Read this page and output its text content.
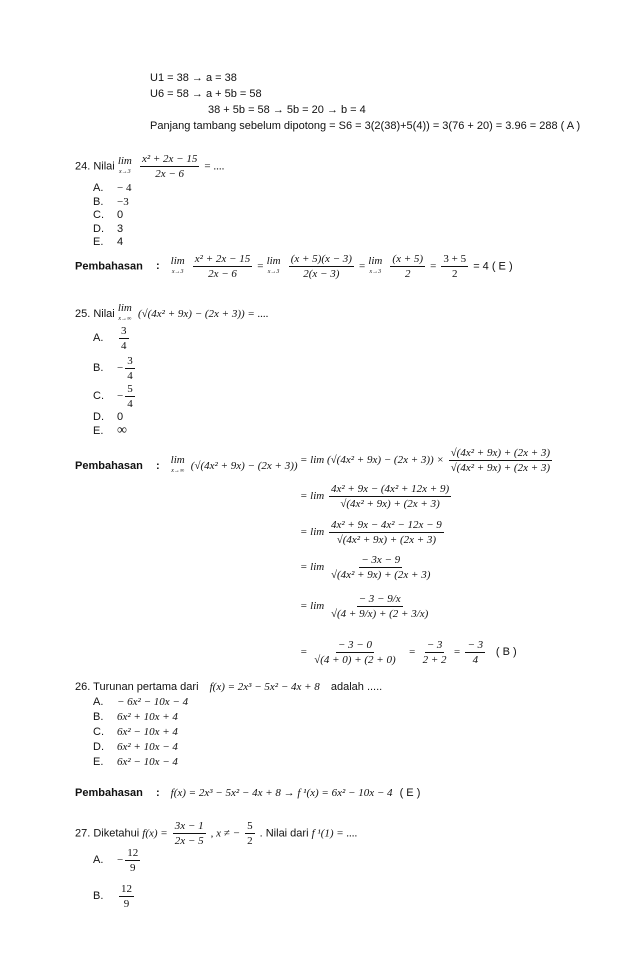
U1 = 38 → a = 38
U6 = 58 → a + 5b = 58
38 + 5b = 58 → 5b = 20 → b = 4
Panjang tambang sebelum dipotong = S6 = 3(2(38)+5(4)) = 3(76 + 20) = 3.96 = 288 ( A )
24. Nilai lim
x→3
$\frac{\text{x² + 2x − 15}}{2x - 6}$ = ....
A. − 4
B. −3
C. 0
D. 3
E. 4
Pembahasan : lim
x→3
$\frac{\text{x² + 2x − 15}}{2x - 6} = \lim$
x→3
$\frac{(x + 5)(x - 3)}{2(x - 3)} = \lim$
x→3
$\frac{(x + 5)}{2} = \frac{3 + 5}{2} = 4$ ( E )
25. Nilai lim
x→∞ (√(4x² + 9x) − (2x + 3)) = ....
A.	$\frac{3}{4}$
B.	− $\frac{3}{4}$
C.	− $\frac{5}{4}$
D. 0
E. ∞
Pembahasan : lim
x→∞ $(√(4x^2 + 9x) - (2x + 3)) = \lim (√(4x^2 + 9x) - (2x + 3)) \times \frac{\text{√(4x² + 9x) + (2x + 3)}}{\text{√(4x² + 9x) + (2x + 3)}}$
= $\lim \frac{\text{4x² + 9x − (4x² + 12x + 9)}}{\text{√(4x² + 9x) + (2x + 3)}}$
= $\lim \frac{\text{4x² + 9x − 4x² − 12x − 9}}{\text{√(4x² + 9x) + (2x + 3)}}$
= $\lim \frac{- 3x - 9}{\text{√(4x² + 9x) + (2x + 3)}}$
= $\lim \frac{- 3 - 9/x}{√(4 + 9/x) + (2 + 3/x)}$
= $\frac{- 3 - 0}{√(4 + 0) + (2 + 0)} = \frac{- 3}{2 + 2} = \frac{- 3}{4}$ ( B )
26. Turunan pertama dari f(x) = 2x³ − 5x² − 4x + 8 adalah .....
A. − 6x² − 10x − 4
B. 6x² + 10x + 4
C. 6x² − 10x + 4
D. 6x² + 10x − 4
E. 6x² − 10x − 4
Pembahasan : f(x) = 2x³ − 5x² − 4x + 8 → f ¹(x) = 6x² − 10x − 4 ( E )
27. Diketahui $f(x) = \frac{3x - 1}{2x - 5}$ , x ≠ − $\frac{5}{2}$ . Nilai dari f ¹(1) = ....
A.	− $\frac{12}{9}$
B.	$\frac{12}{9}$
